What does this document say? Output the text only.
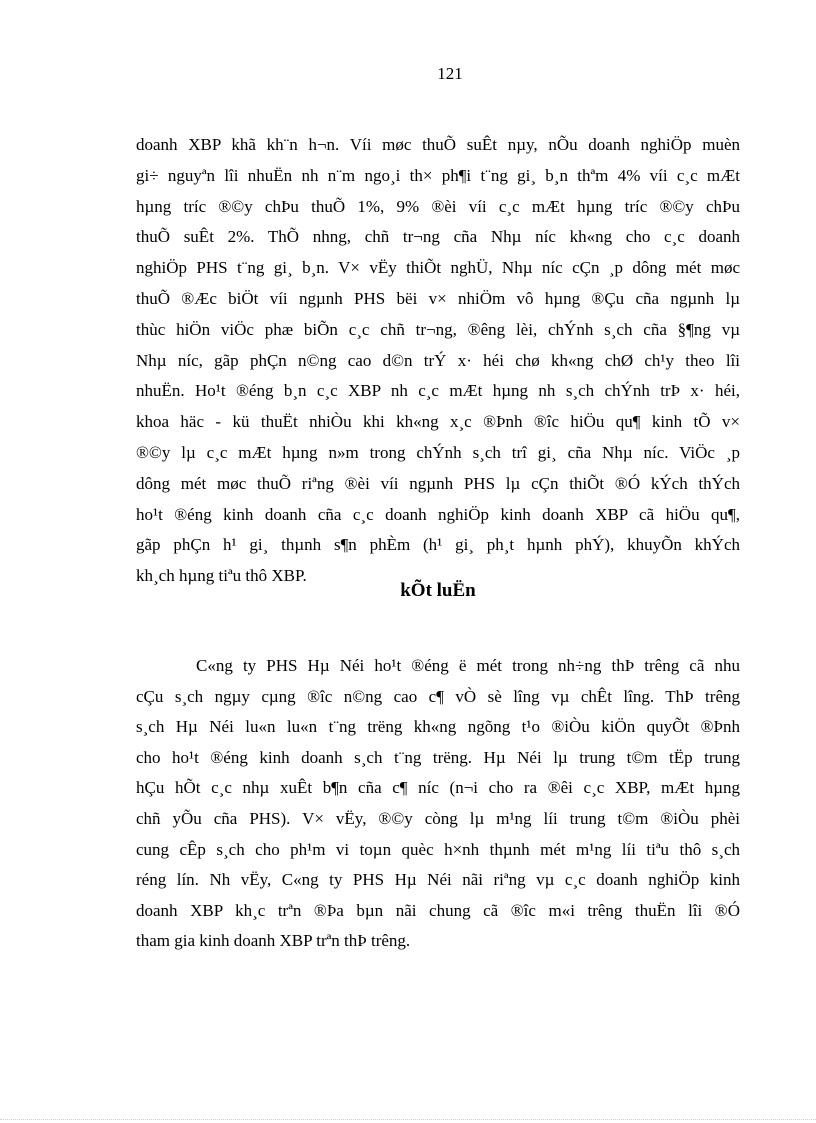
121
doanh XBP khã kh¨n h¬n. Víi møc thuÕ suÊt nµy, nÕu doanh nghiÖp muèn
gi÷ nguyªn lîi nhuËn nh n¨m ngo¸i th× ph¶i t¨ng gi¸ b¸n thªm 4% víi c¸c mÆt
hµng tríc ®©y chÞu thuÕ 1%, 9% ®èi víi c¸c mÆt hµng tríc ®©y chÞu
thuÕ suÊt 2%. ThÕ nhng, chñ tr¬ng cña Nhµ níc kh«ng cho c¸c doanh
nghiÖp PHS t¨ng gi¸ b¸n. V× vËy thiÕt nghÜ, Nhµ níc cÇn ¸p dông mét møc
thuÕ ®Æc biÖt víi ngµnh PHS bëi v× nhiÖm vô hµng ®Çu cña ngµnh lµ
thùc hiÖn viÖc phæ biÕn c¸c chñ tr¬ng, ®êng lèi, chÝnh s¸ch cña §¶ng vµ
Nhµ níc, gãp phÇn n©ng cao d©n trÝ x· héi chø kh«ng chØ ch¹y theo lîi
nhuËn. Ho¹t ®éng b¸n c¸c XBP nh c¸c mÆt hµng nh s¸ch chÝnh trÞ x· héi,
khoa häc - kü thuËt nhiÒu khi kh«ng x¸c ®Þnh ®îc hiÖu qu¶ kinh tÕ v×
®©y lµ c¸c mÆt hµng n»m trong chÝnh s¸ch trî gi¸ cña Nhµ níc. ViÖc ¸p
dông mét møc thuÕ riªng ®èi víi ngµnh PHS lµ cÇn thiÕt ®Ó kÝch thÝch
ho¹t ®éng kinh doanh cña c¸c doanh nghiÖp kinh doanh XBP cã hiÖu qu¶,
gãp phÇn h¹ gi¸ thµnh s¶n phÈm (h¹ gi¸ ph¸t hµnh phÝ), khuyÕn khÝch
kh¸ch hµng tiªu thô XBP.
kÕt luËn
C«ng ty PHS Hµ Néi ho¹t ®éng ë mét trong nh÷ng thÞ trêng cã nhu
cÇu s¸ch ngµy cµng ®îc n©ng cao c¶ vÒ sè lîng vµ chÊt lîng. ThÞ trêng
s¸ch Hµ Néi lu«n lu«n t¨ng trëng kh«ng ngõng t¹o ®iÒu kiÖn quyÕt ®Þnh
cho ho¹t ®éng kinh doanh s¸ch t¨ng trëng. Hµ Néi lµ trung t©m tËp trung
hÇu hÕt c¸c nhµ xuÊt b¶n cña c¶ níc (n¬i cho ra ®êi c¸c XBP, mÆt hµng
chñ yÕu cña PHS). V× vËy, ®©y còng lµ m¹ng líi trung t©m ®iÒu phèi
cung cÊp s¸ch cho ph¹m vi toµn quèc h×nh thµnh mét m¹ng líi tiªu thô s¸ch
réng lín. Nh vËy, C«ng ty PHS Hµ Néi nãi riªng vµ c¸c doanh nghiÖp kinh
doanh XBP kh¸c trªn ®Þa bµn nãi chung cã ®îc m«i trêng thuËn lîi ®Ó
tham gia kinh doanh XBP trªn thÞ trêng.
